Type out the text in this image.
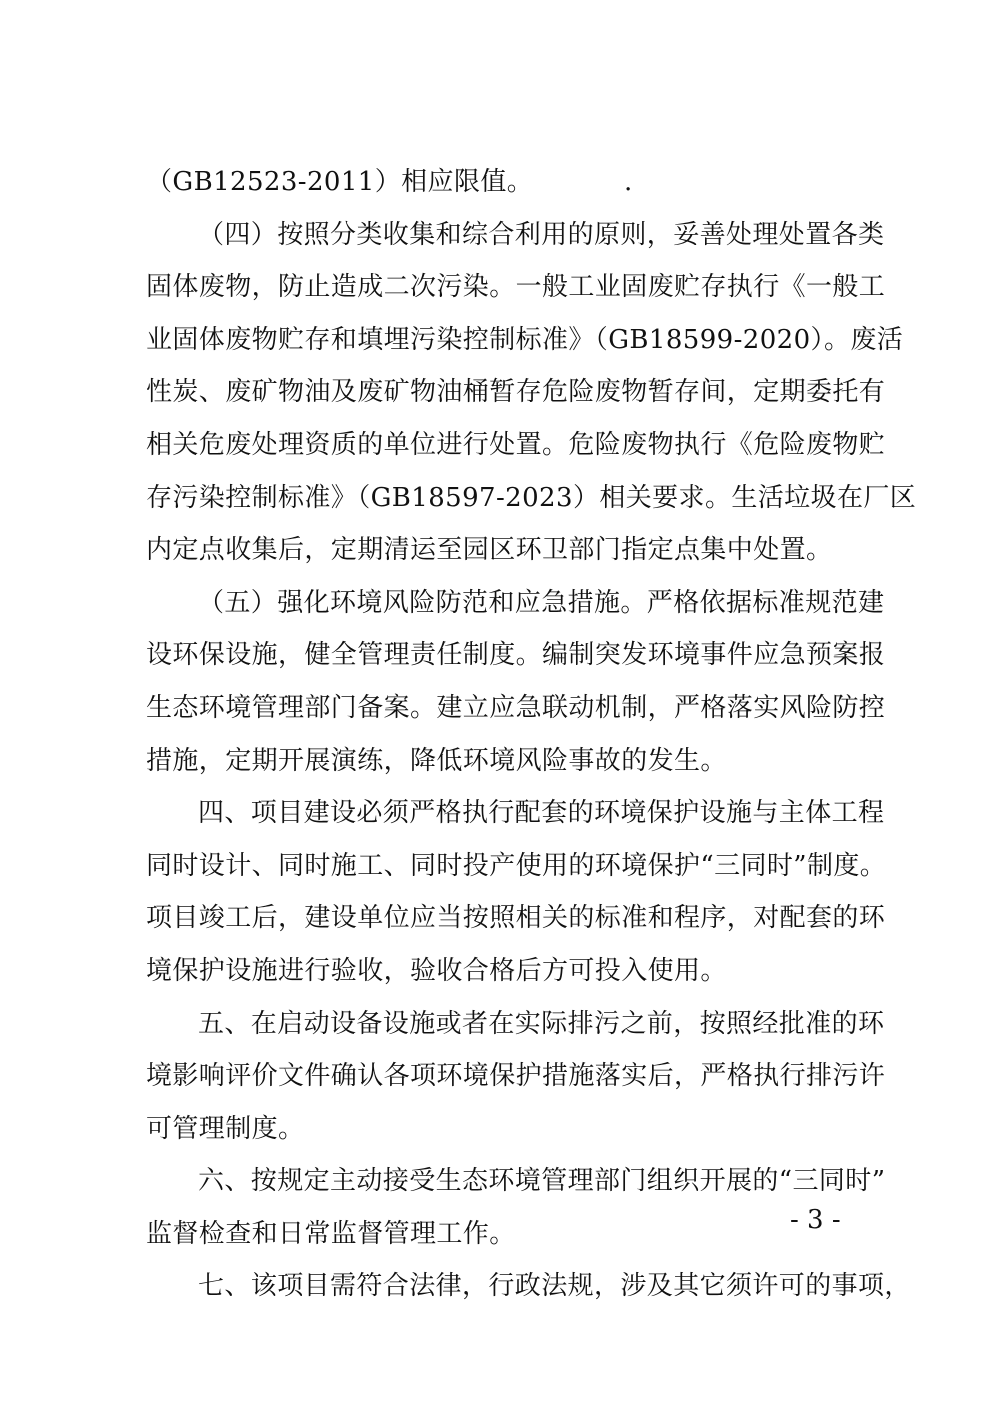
（GB12523-2011）相应限值。
（四）按照分类收集和综合利用的原则，妥善处理处置各类
固体废物，防止造成二次污染。一般工业固废贮存执行《一般工
业固体废物贮存和填埋污染控制标准》（GB18599-2020）。废活
性炭、废矿物油及废矿物油桶暂存危险废物暂存间，定期委托有
相关危废处理资质的单位进行处置。危险废物执行《危险废物贮
存污染控制标准》（GB18597-2023）相关要求。生活垃圾在厂区
内定点收集后，定期清运至园区环卫部门指定点集中处置。
（五）强化环境风险防范和应急措施。严格依据标准规范建
设环保设施，健全管理责任制度。编制突发环境事件应急预案报
生态环境管理部门备案。建立应急联动机制，严格落实风险防控
措施，定期开展演练，降低环境风险事故的发生。
四、项目建设必须严格执行配套的环境保护设施与主体工程
同时设计、同时施工、同时投产使用的环境保护“三同时”制度。
项目竣工后，建设单位应当按照相关的标准和程序，对配套的环
境保护设施进行验收，验收合格后方可投入使用。
五、在启动设备设施或者在实际排污之前，按照经批准的环
境影响评价文件确认各项环境保护措施落实后，严格执行排污许
可管理制度。
六、按规定主动接受生态环境管理部门组织开展的“三同时”
监督检查和日常监督管理工作。
七、该项目需符合法律，行政法规，涉及其它须许可的事项，
.
- 3 -
